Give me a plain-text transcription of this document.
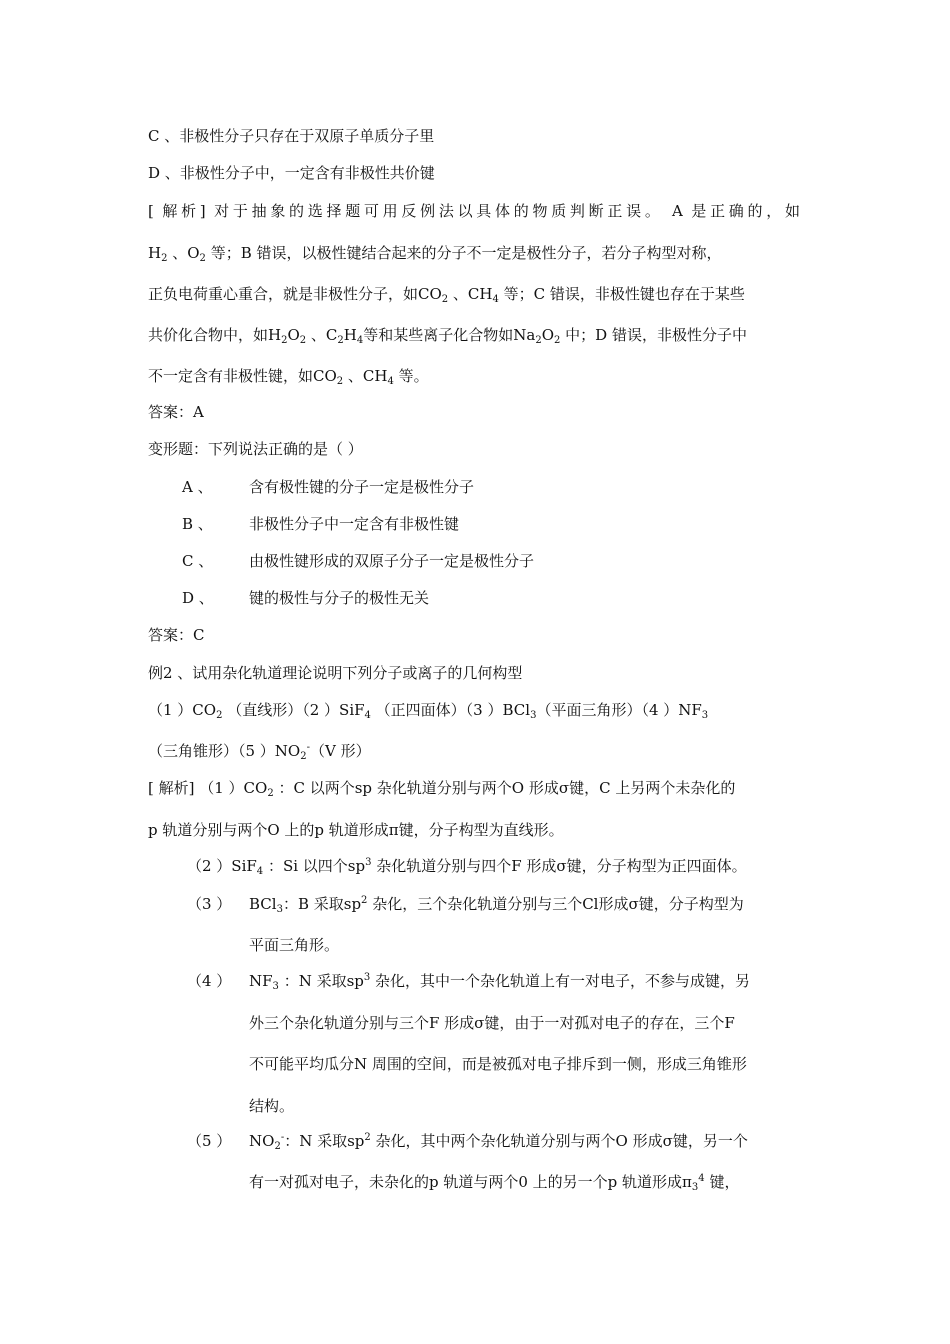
C 、非极性分子只存在于双原子单质分子里
D 、非极性分子中，一定含有非极性共价键
[ 解析] 对于抽象的选择题可用反例法以具体的物质判断正误。 A 是正确的，如
$H_2$ 、$O_2$ 等；B 错误，以极性键结合起来的分子不一定是极性分子，若分子构型对称，
正负电荷重心重合，就是非极性分子，如$CO_2$ 、$CH_4$ 等；C 错误，非极性键也存在于某些
共价化合物中，如$H_2O_2$ 、$C_2H_4$等和某些离子化合物如$Na_2O_2$ 中；D 错误，非极性分子中
不一定含有非极性键，如$CO_2$ 、$CH_4$ 等。
答案：A
变形题：下列说法正确的是（ ）
A 、 含有极性键的分子一定是极性分子
B 、 非极性分子中一定含有非极性键
C 、 由极性键形成的双原子分子一定是极性分子
D 、 键的极性与分子的极性无关
答案：C
例2 、试用杂化轨道理论说明下列分子或离子的几何构型
（1 ）$CO_2$ （直线形）（2 ）SiF$_4$ （正四面体）（3 ）BCl$_3$（平面三角形）（4 ）$NF_3$
（三角锥形）（5 ）$NO_2^-(V$ 形）
[ 解析] （1 ）$CO_2$ ：C 以两个sp 杂化轨道分别与两个O 形成σ键，C 上另两个未杂化的
p 轨道分别与两个O 上的p 轨道形成π键，分子构型为直线形。
（2 ）SiF$_4$ ：Si 以四个$sp^3$ 杂化轨道分别与四个F 形成σ键，分子构型为正四面体。
（3 ） BCl$_3$：B 采取$sp^2$ 杂化，三个杂化轨道分别与三个Cl形成σ键，分子构型为
平面三角形。
（4 ） $NF_3$ ：N 采取$sp^3$ 杂化，其中一个杂化轨道上有一对电子，不参与成键，另
外三个杂化轨道分别与三个F 形成σ键，由于一对孤对电子的存在，三个F
不可能平均瓜分N 周围的空间，而是被孤对电子排斥到一侧，形成三角锥形
结构。
（5 ） $NO_2^-$：N 采取$sp^2$ 杂化，其中两个杂化轨道分别与两个O 形成σ键，另一个
有一对孤对电子，未杂化的p 轨道与两个0 上的另一个p 轨道形成$\pi_3^4$ 键，
